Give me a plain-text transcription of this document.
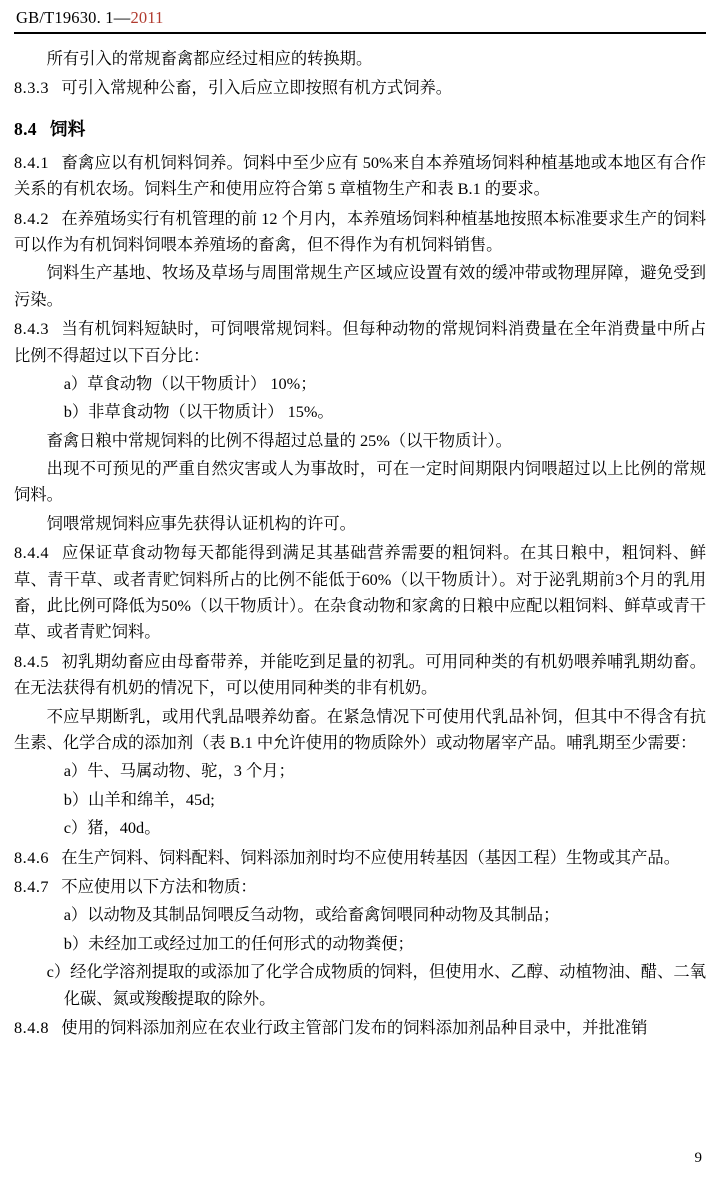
GB/T19630. 1—2011

所有引入的常规畜禽都应经过相应的转换期。

8.3.3 可引入常规种公畜，引入后应立即按照有机方式饲养。

8.4 饲料

8.4.1 畜禽应以有机饲料饲养。饲料中至少应有 50%来自本养殖场饲料种植基地或本地区有合作关系的有机农场。饲料生产和使用应符合第 5 章植物生产和表 B.1 的要求。

8.4.2 在养殖场实行有机管理的前 12 个月内，本养殖场饲料种植基地按照本标准要求生产的饲料可以作为有机饲料饲喂本养殖场的畜禽，但不得作为有机饲料销售。

饲料生产基地、牧场及草场与周围常规生产区域应设置有效的缓冲带或物理屏障，避免受到污染。

8.4.3 当有机饲料短缺时，可饲喂常规饲料。但每种动物的常规饲料消费量在全年消费量中所占比例不得超过以下百分比：

a）草食动物（以干物质计） 10%；

b）非草食动物（以干物质计） 15%。

畜禽日粮中常规饲料的比例不得超过总量的 25%（以干物质计）。

出现不可预见的严重自然灾害或人为事故时，可在一定时间期限内饲喂超过以上比例的常规饲料。

饲喂常规饲料应事先获得认证机构的许可。

8.4.4 应保证草食动物每天都能得到满足其基础营养需要的粗饲料。在其日粮中，粗饲料、鲜草、青干草、或者青贮饲料所占的比例不能低于60%（以干物质计）。对于泌乳期前3个月的乳用畜，此比例可降低为50%（以干物质计）。在杂食动物和家禽的日粮中应配以粗饲料、鲜草或青干草、或者青贮饲料。

8.4.5 初乳期幼畜应由母畜带养，并能吃到足量的初乳。可用同种类的有机奶喂养哺乳期幼畜。在无法获得有机奶的情况下，可以使用同种类的非有机奶。

不应早期断乳，或用代乳品喂养幼畜。在紧急情况下可使用代乳品补饲，但其中不得含有抗生素、化学合成的添加剂（表 B.1 中允许使用的物质除外）或动物屠宰产品。哺乳期至少需要：

a）牛、马属动物、驼，3 个月；

b）山羊和绵羊，45d;

c）猪，40d。

8.4.6 在生产饲料、饲料配料、饲料添加剂时均不应使用转基因（基因工程）生物或其产品。

8.4.7 不应使用以下方法和物质：

a）以动物及其制品饲喂反刍动物，或给畜禽饲喂同种动物及其制品；

b）未经加工或经过加工的任何形式的动物粪便；

c）经化学溶剂提取的或添加了化学合成物质的饲料，但使用水、乙醇、动植物油、醋、二氧化碳、氮或羧酸提取的除外。

8.4.8 使用的饲料添加剂应在农业行政主管部门发布的饲料添加剂品种目录中，并批准销

9
